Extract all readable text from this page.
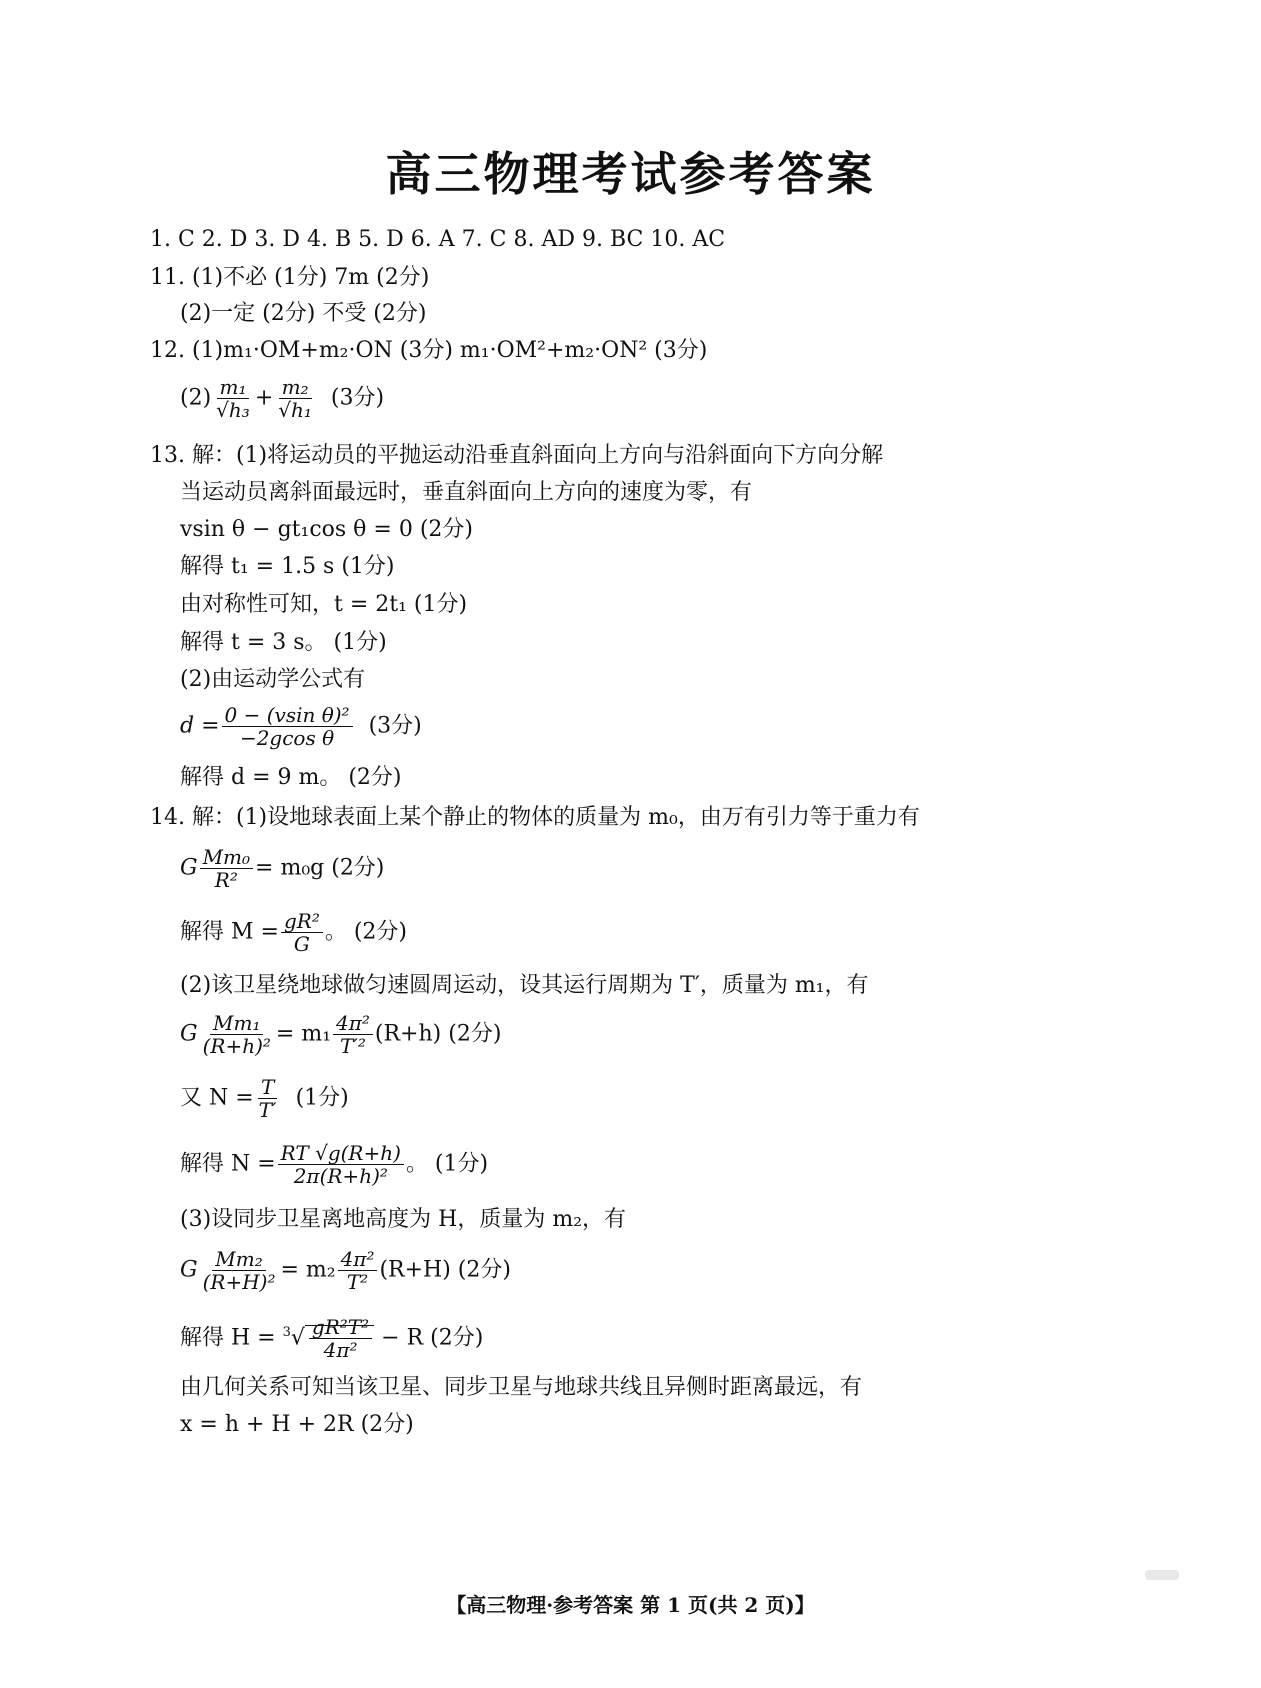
高三物理考试参考答案
1. C 2. D 3. D 4. B 5. D 6. A 7. C 8. AD 9. BC 10. AC
11. (1)不必 (1分) 7m (2分)
(2)一定 (2分) 不受 (2分)
12. (1)m₁·OM+m₂·ON (3分) m₁·OM²+m₂·ON² (3分)
$(2) \frac{\text{m₁}}{\text{√h₃}} + \frac{\text{m₂}}{\text{√h₁}} (3$分)
13. 解：(1)将运动员的平抛运动沿垂直斜面向上方向与沿斜面向下方向分解
当运动员离斜面最远时，垂直斜面向上方向的速度为零，有
vsin θ − gt₁cos θ = 0 (2分)
解得 t₁ = 1.5 s (1分)
由对称性可知，t = 2t₁ (1分)
解得 t = 3 s。 (1分)
(2)由运动学公式有
$d = \frac{\text{0 − (vsin θ)²}}{\text{−2gcos θ}} (3$分)
解得 d = 9 m。 (2分)
14. 解：(1)设地球表面上某个静止的物体的质量为 m₀，由万有引力等于重力有
G $\frac{\text{Mm₀}}{\text{R²}} = m_0g$ (2分)
解得 $M = \frac{\text{gR²}}{G}$ 。 (2分)
(2)该卫星绕地球做匀速圆周运动，设其运行周期为 T′，质量为 m₁，有
G $\frac{\text{Mm₁}}{\text{(R+h)²}} = m_1 \frac{\text{4π²}}{\text{T′²}} (R+h)$ (2分)
又 $N = \frac{T}{T'} (1$分)
解得 $N = \frac{RT √g(R+h)}{\text{2π(R+h)²}}$ 。 (1分)
(3)设同步卫星离地高度为 H，质量为 m₂，有
G $\frac{\text{Mm₂}}{\text{(R+H)²}} = m_2 \frac{\text{4π²}}{\text{T²}} (R+H)$ (2分)
解得 $H = ^3√ \frac{\text{gR²T²}}{\text{4π²}} - R$ (2分)
由几何关系可知当该卫星、同步卫星与地球共线且异侧时距离最远，有
x = h + H + 2R (2分)
【高三物理·参考答案 第 1 页(共 2 页)】
